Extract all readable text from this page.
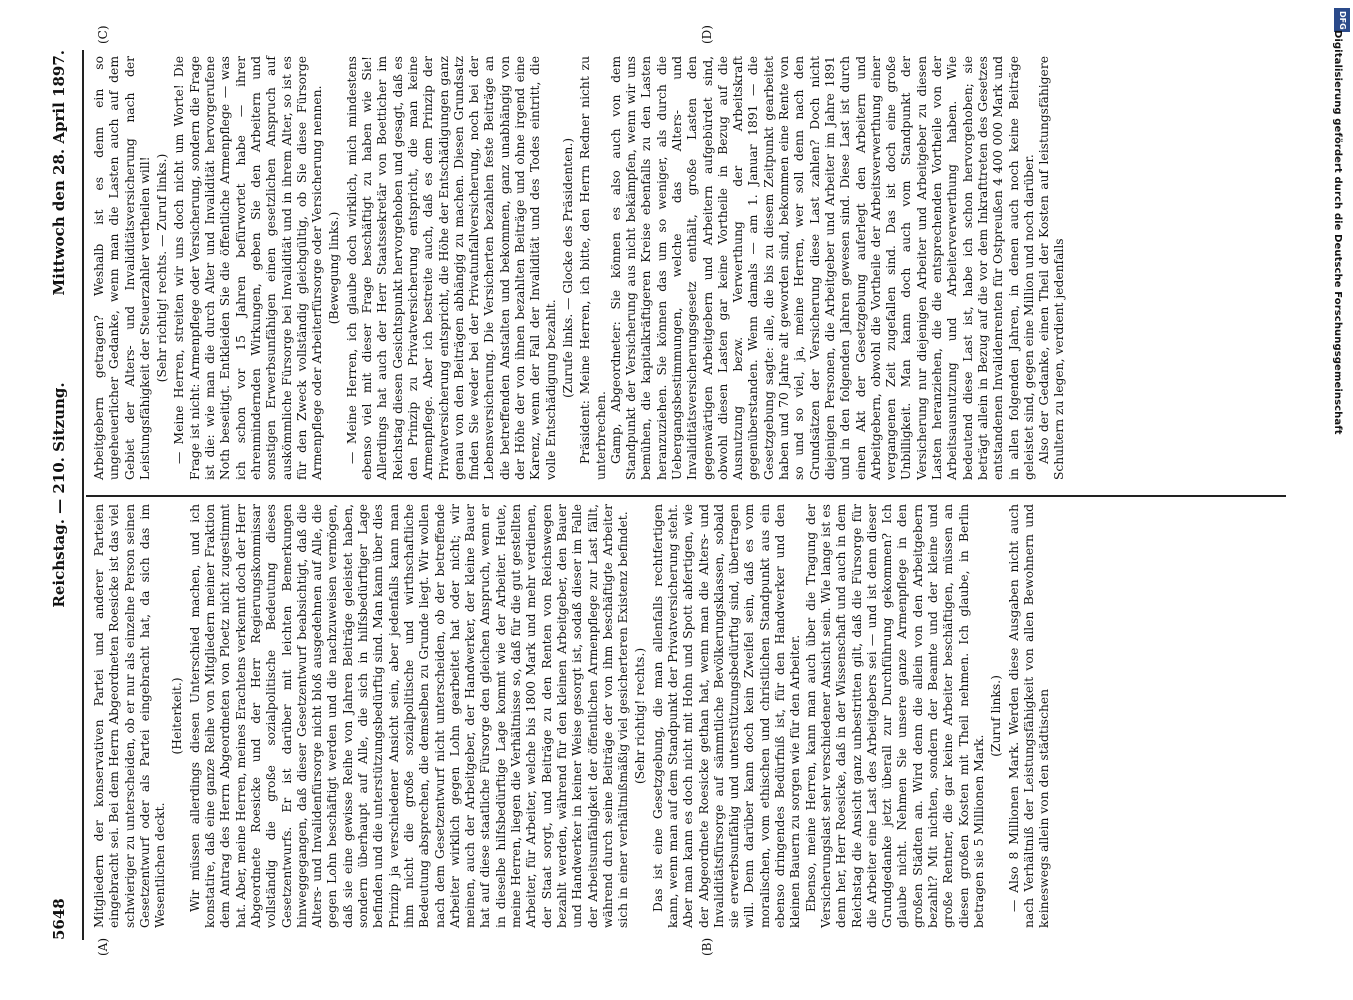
5648
Reichstag. — 210. Sitzung.
Mittwoch den 28. April 1897.
(A)	(B)
(C)	(D)

Mitgliedern der konservativen Partei und anderer Parteien eingebracht sei. Bei dem Herrn Abgeordneten Roesicke ist das viel schwieriger zu unterscheiden, ob er nur als einzelne Person seinen Gesetzentwurf oder als Partei eingebracht hat, da sich das im Wesentlichen deckt.

(Heiterkeit.) Wir müssen allerdings diesen Unterschied machen, und ich konstatire, daß eine ganze Reihe von Mitgliedern meiner Fraktion dem Antrag des Herrn Abgeordneten von Ploetz nicht zugestimmt hat. Aber, meine Herren, meines Erachtens verkennt doch der Herr Abgeordnete Roesicke und der Herr Regierungskommissar vollständig die große sozialpolitische Bedeutung dieses Gesetzentwurfs. Er ist darüber mit leichten Bemerkungen hinweggegangen, daß dieser Gesetzentwurf beabsichtigt, daß die Alters- und Invalidenfürsorge nicht bloß ausgedehnen auf Alle, die gegen Lohn beschäftigt werden und die nachzuweisen vermögen, daß sie eine gewisse Reihe von Jahren Beiträge geleistet haben, sondern überhaupt auf Alle, die sich in hilfsbedürftiger Lage befinden und die unterstützungsbedürftig sind. Man kann über dies Prinzip ja verschiedener Ansicht sein, aber jedenfalls kann man ihm nicht die große sozialpolitische und wirthschaftliche Bedeutung absprechen, die demselben zu Grunde liegt. Wir wollen nach dem Gesetzentwurf nicht unterscheiden, ob der betreffende Arbeiter wirklich gegen Lohn gearbeitet hat oder nicht; wir meinen, auch der Arbeitgeber, der Handwerker, der kleine Bauer hat auf diese staatliche Fürsorge den gleichen Anspruch, wenn er in dieselbe hilfsbedürftige Lage kommt wie der Arbeiter. Heute, meine Herren, liegen die Verhältnisse so, daß für die gut gestellten Arbeiter, für Arbeiter, welche bis 1800 Mark und mehr verdienen, der Staat sorgt, und Beiträge zu den Renten von Reichswegen bezahlt werden, während für den kleinen Arbeitgeber, den Bauer und Handwerker in keiner Weise gesorgt ist, sodaß dieser im Falle der Arbeitsunfähigkeit der öffentlichen Armenpflege zur Last fällt, während durch seine Beiträge der von ihm beschäftigte Arbeiter sich in einer verhältnißmäßig viel gesicherteren Existenz befindet. (Sehr richtig! rechts.) Das ist eine Gesetzgebung, die man allenfalls rechtfertigen kann, wenn man auf dem Standpunkt der Privatversicherung steht. Aber man kann es doch nicht mit Hohn und Spott abfertigen, wie der Abgeordnete Roesicke gethan hat, wenn man die Alters- und Invaliditätsfürsorge auf sämmtliche Bevölkerungsklassen, sobald sie erwerbsunfähig und unterstützungsbedürftig sind, übertragen will. Denn darüber kann doch kein Zweifel sein, daß es vom moralischen, vom ethischen und christlichen Standpunkt aus ein ebenso dringendes Bedürfniß ist, für den Handwerker und den kleinen Bauern zu sorgen wie für den Arbeiter. Ebenso, meine Herren, kann man auch über die Tragung der Versicherungslast sehr verschiedener Ansicht sein. Wie lange ist es denn her, Herr Roesicke, daß in der Wissenschaft und auch in dem Reichstag die Ansicht ganz unbestritten gilt, daß die Fürsorge für die Arbeiter eine Last des Arbeitgebers sei — und ist denn dieser Grundgedanke jetzt überall zur Durchführung gekommen? Ich glaube nicht. Nehmen Sie unsere ganze Armenpflege in den großen Städten an. Wird denn die allein von den Arbeitgebern bezahlt? Mit nichten, sondern der Beamte und der kleine und große Rentner, die gar keine Arbeiter beschäftigen, müssen an diesen großen Kosten mit Theil nehmen. Ich glaube, in Berlin betragen sie 5 Millionen Mark.

(Zuruf links.) — Also 8 Millionen Mark. Werden diese Ausgaben nicht auch nach Verhältniß der Leistungsfähigkeit von allen Bewohnern und keineswegs allein von den städtischen

Arbeitgebern getragen? Weshalb ist es denn ein so ungeheuerlicher Gedanke, wenn man die Lasten auch auf dem Gebiet der Alters- und Invaliditätsversicherung nach der Leistungsfähigkeit der Steuerzahler vertheilen will! (Sehr richtig! rechts. — Zuruf links.) — Meine Herren, streiten wir uns doch nicht um Worte! Die Frage ist nicht: Armenpflege oder Versicherung, sondern die Frage ist die: wie man die durch Alter und Invalidität hervorgerufene Noth beseitigt. Entkleiden Sie die öffentliche Armenpflege — was ich schon vor 15 Jahren befürwortet habe — ihrer ehrenmindernden Wirkungen, geben Sie den Arbeitern und sonstigen Erwerbsunfähigen einen gesetzlichen Anspruch auf auskömmliche Fürsorge bei Invalidität und in ihrem Alter, so ist es für den Zweck vollständig gleichgültig, ob Sie diese Fürsorge Armenpflege oder Arbeiterfürsorge oder Versicherung nennen. (Bewegung links.) — Meine Herren, ich glaube doch wirklich, mich mindestens ebenso viel mit dieser Frage beschäftigt zu haben wie Sie! Allerdings hat auch der Herr Staatssekretär von Boetticher im Reichstag diesen Gesichtspunkt hervorgehoben und gesagt, daß es den Prinzip zu Privatversicherung entspricht, die man keine Armenpflege. Aber ich bestreite auch, daß es dem Prinzip der Privatversicherung entspricht, die Höhe der Entschädigungen ganz genau von den Beiträgen abhängig zu machen. Diesen Grundsatz finden Sie weder bei der Privatunfallversicherung, noch bei der Lebensversicherung. Die Versicherten bezahlen feste Beiträge an die betreffenden Anstalten und bekommen, ganz unabhängig von der Höhe der von ihnen bezahlten Beiträge und ohne irgend eine Karenz, wenn der Fall der Invalidität und des Todes eintritt, die volle Entschädigung bezahlt. (Zurufe links. — Glocke des Präsidenten.) Präsident: Meine Herren, ich bitte, den Herrn Redner nicht zu unterbrechen. Gamp, Abgeordneter: Sie können es also auch von dem Standpunkt der Versicherung aus nicht bekämpfen, wenn wir uns bemühen, die kapitalkräftigeren Kreise ebenfalls zu den Lasten heranzuziehen. Sie können das um so weniger, als durch die Uebergangsbestimmungen, welche das Alters- und Invaliditätsversicherungsgesetz enthält, große Lasten den gegenwärtigen Arbeitgebern und Arbeitern aufgebürdet sind, obwohl diesen Lasten gar keine Vortheile in Bezug auf die Ausnutzung bezw. Verwerthung der Arbeitskraft gegenüberstanden. Wenn damals — am 1. Januar 1891 — die Gesetzgebung sagte: alle, die bis zu diesem Zeitpunkt gearbeitet haben und 70 Jahre alt geworden sind, bekommen eine Rente von so und so viel, ja, meine Herren, wer soll denn nach den Grundsätzen der Versicherung diese Last zahlen? Doch nicht diejenigen Personen, die Arbeitgeber und Arbeiter im Jahre 1891 und in den folgenden Jahren gewesen sind. Diese Last ist durch einen Akt der Gesetzgebung auferlegt den Arbeitern und Arbeitgebern, obwohl die Vortheile der Arbeitsverwerthung einer vergangenen Zeit zugefallen sind. Das ist doch eine große Unbilligkeit. Man kann doch auch vom Standpunkt der Versicherung nur diejenigen Arbeiter und Arbeitgeber zu diesen Lasten heranziehen, die die entsprechenden Vortheile von der Arbeitsausnutzung und Arbeiterverwerthung haben. Wie bedeutend diese Last ist, habe ich schon hervorgehoben; sie beträgt allein in Bezug auf die vor dem Inkrafttreten des Gesetzes entstandenen Invalidenrenten für Ostpreußen 4 400 000 Mark und in allen folgenden Jahren, in denen auch noch keine Beiträge geleistet sind, gegen eine Million und noch darüber. Also der Gedanke, einen Theil der Kosten auf leistungsfähigere Schultern zu legen, verdient jedenfalls

DFG
Digitalisierung gefördert durch die Deutsche Forschungsgemeinschaft
